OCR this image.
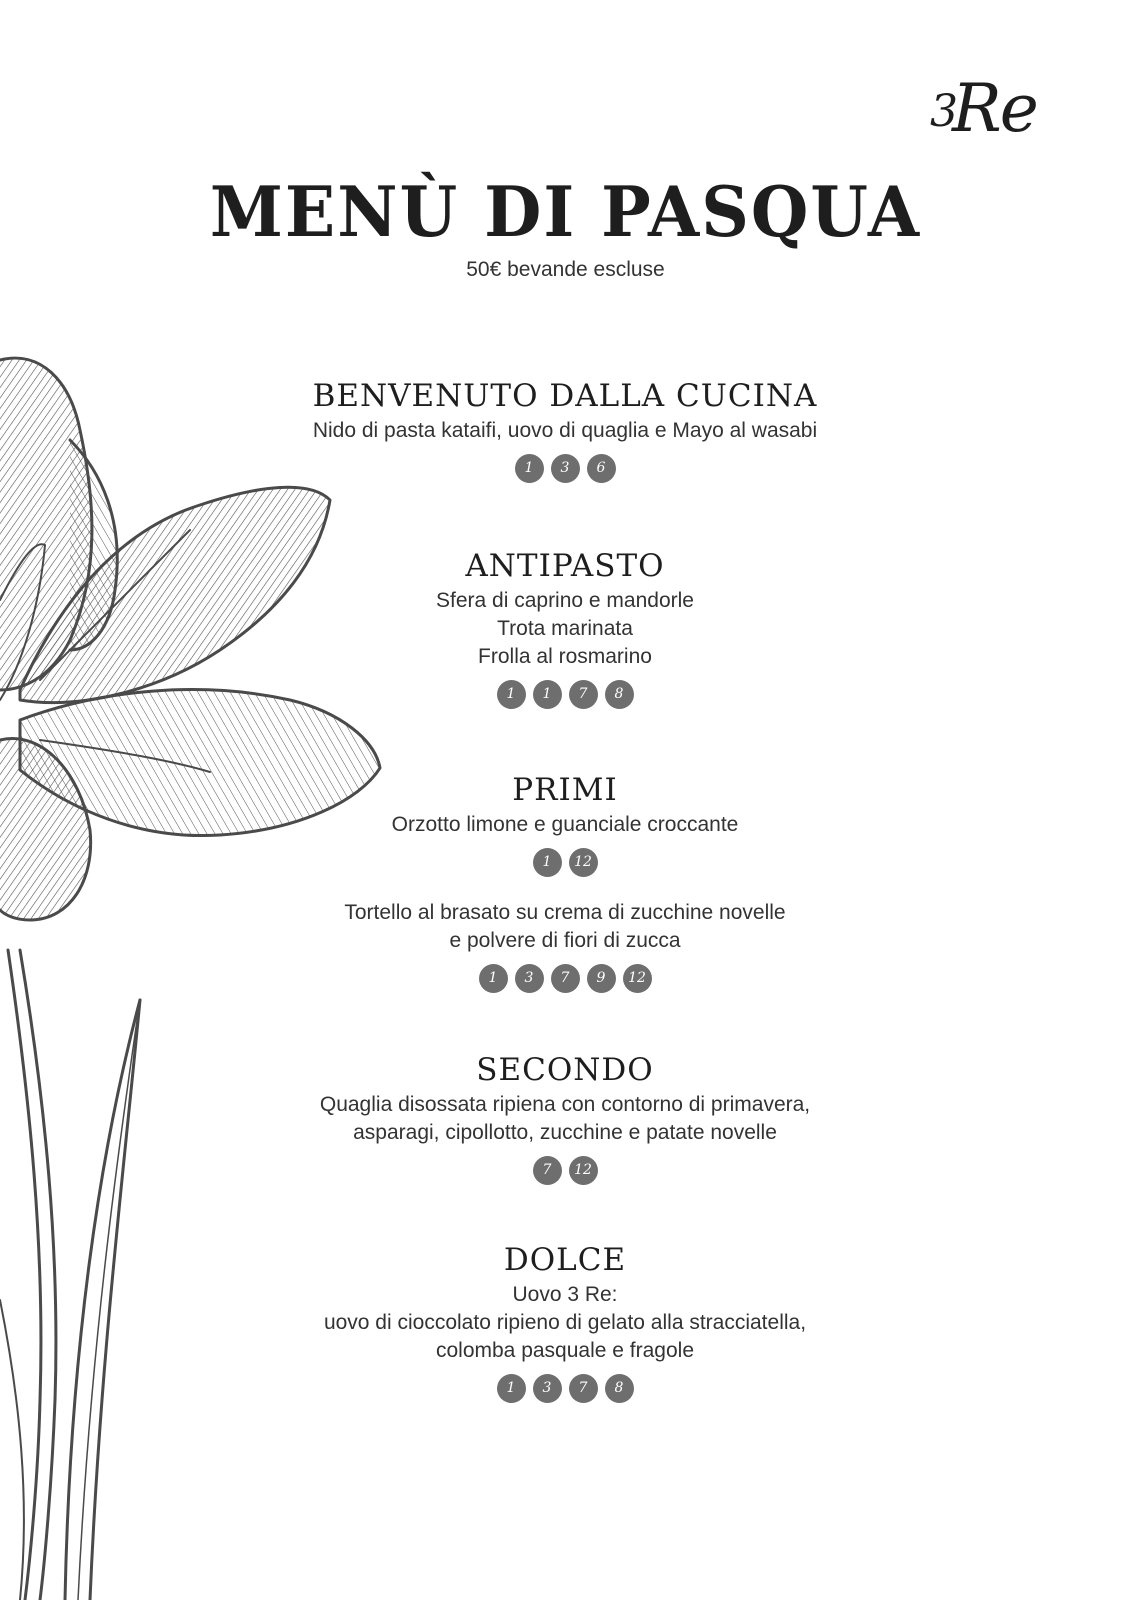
3
Re
MENÙ DI PASQUA
50€ bevande escluse
BENVENUTO DALLA CUCINA
Nido di pasta kataifi, uovo di quaglia e Mayo al wasabi
1	3	6
ANTIPASTO
Sfera di caprino e mandorle
Trota marinata
Frolla al rosmarino
1	1	7	8
PRIMI
Orzotto limone e guanciale croccante
1	12
Tortello al brasato su crema di zucchine novelle
e polvere di fiori di zucca
1	3	7	9	12
SECONDO
Quaglia disossata ripiena con contorno di primavera,
asparagi, cipollotto, zucchine e patate novelle
7	12
DOLCE
Uovo 3 Re:
uovo di cioccolato ripieno di gelato alla stracciatella,
colomba pasquale e fragole
1	3	7	8
